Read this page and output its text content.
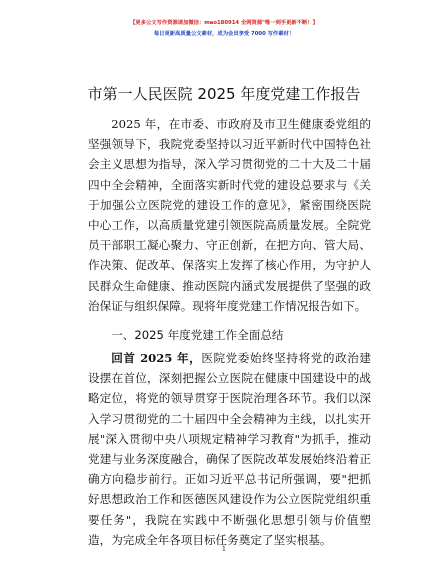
【更多公文写作资源请加微信：mao180914 全网资源"唯一到手更新不断！】
每日更新高质量公文素材，成为会员享受 7000 写作素材！
市第一人民医院 2025 年度党建工作报告

2025 年，在市委、市政府及市卫生健康委党组的坚强领导下，我院党委坚持以习近平新时代中国特色社会主义思想为指导，深入学习贯彻党的二十大及二十届四中全会精神，全面落实新时代党的建设总要求与《关于加强公立医院党的建设工作的意见》，紧密围绕医院中心工作，以高质量党建引领医院高质量发展。全院党员干部职工凝心聚力、守正创新，在把方向、管大局、作决策、促改革、保落实上发挥了核心作用，为守护人民群众生命健康、推动医院内涵式发展提供了坚强的政治保证与组织保障。现将年度党建工作情况报告如下。

一、2025 年度党建工作全面总结

回首 2025 年，医院党委始终坚持将党的政治建设摆在首位，深刻把握公立医院在健康中国建设中的战略定位，将党的领导贯穿于医院治理各环节。我们以深入学习贯彻党的二十届四中全会精神为主线，以扎实开展"深入贯彻中央八项规定精神学习教育"为抓手，推动党建与业务深度融合，确保了医院改革发展始终沿着正确方向稳步前行。正如习近平总书记所强调，要"把抓好思想政治工作和医德医风建设作为公立医院党组织重要任务"，我院在实践中不断强化思想引领与价值塑造，为完成全年各项目标任务奠定了坚实根基。

1
